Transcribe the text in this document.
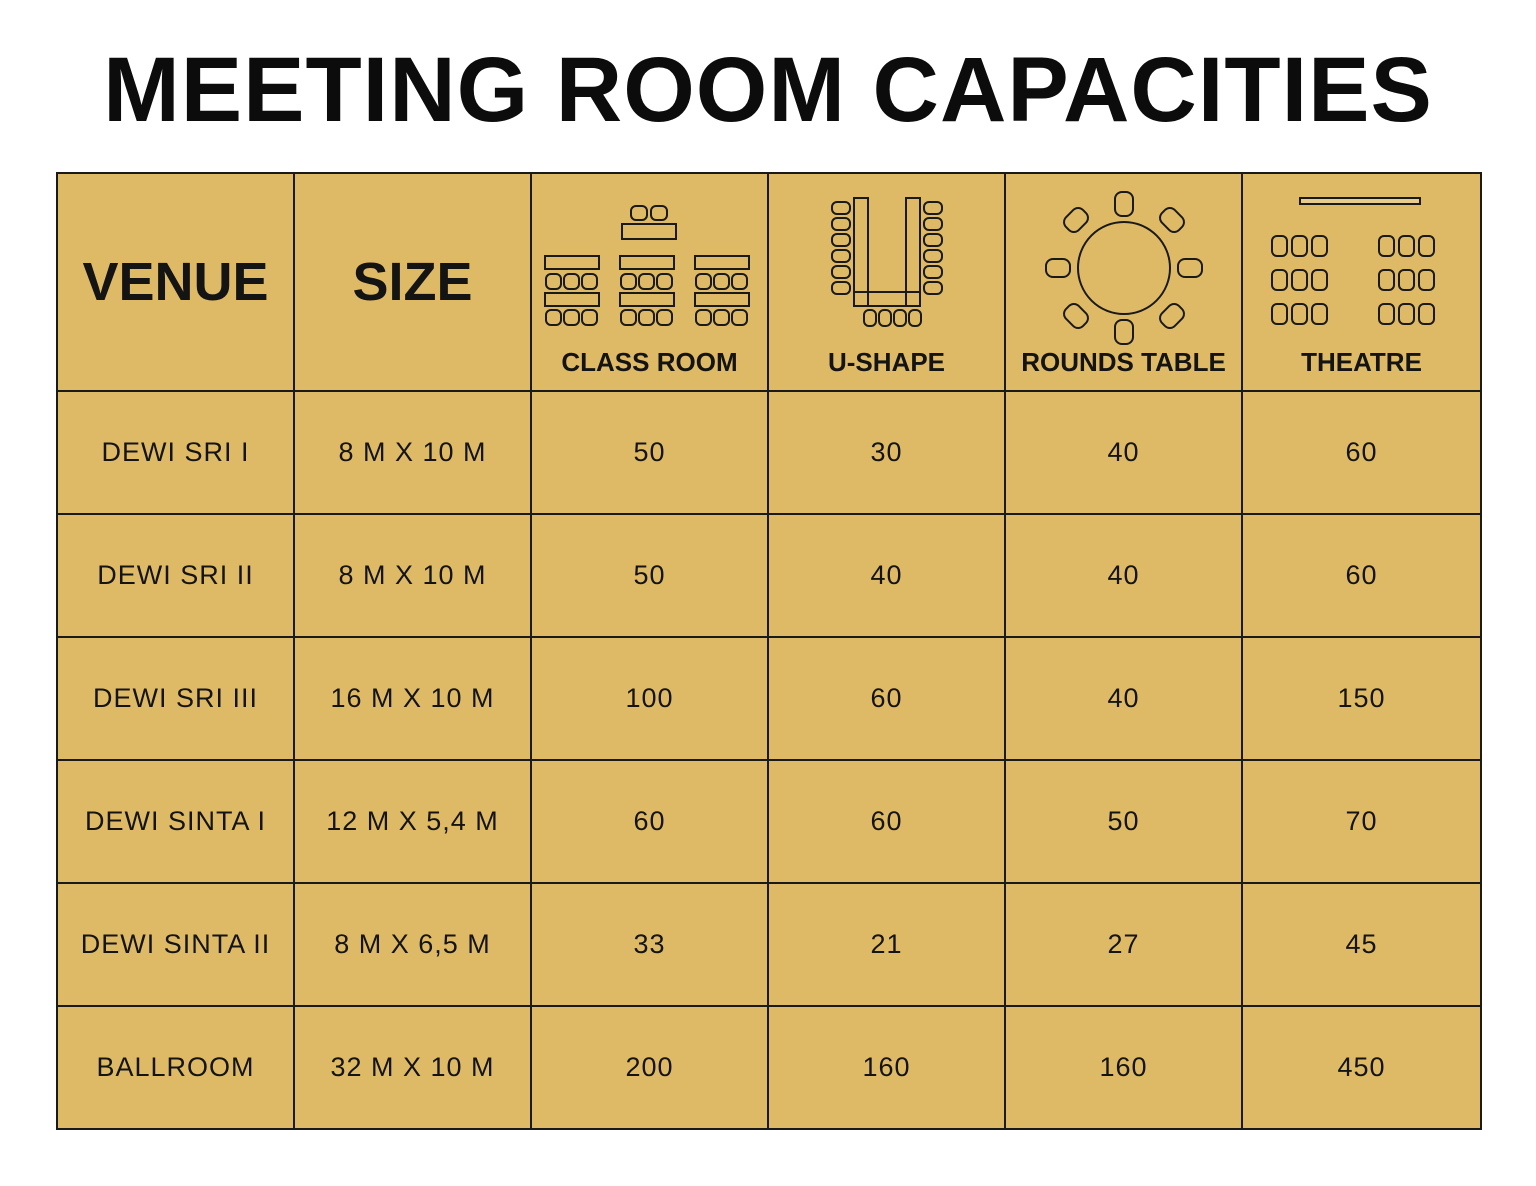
MEETING ROOM CAPACITIES
VENUE	SIZE	CLASS ROOM	U-SHAPE	ROUNDS TABLE	THEATRE

DEWI SRI I	8 M X 10 M	50	30	40	60
DEWI SRI II	8 M X 10 M	50	40	40	60
DEWI SRI III	16 M X 10 M	100	60	40	150
DEWI SINTA I	12 M X 5,4 M	60	60	50	70
DEWI SINTA II	8 M X 6,5 M	33	21	27	45
BALLROOM	32 M X 10 M	200	160	160	450
